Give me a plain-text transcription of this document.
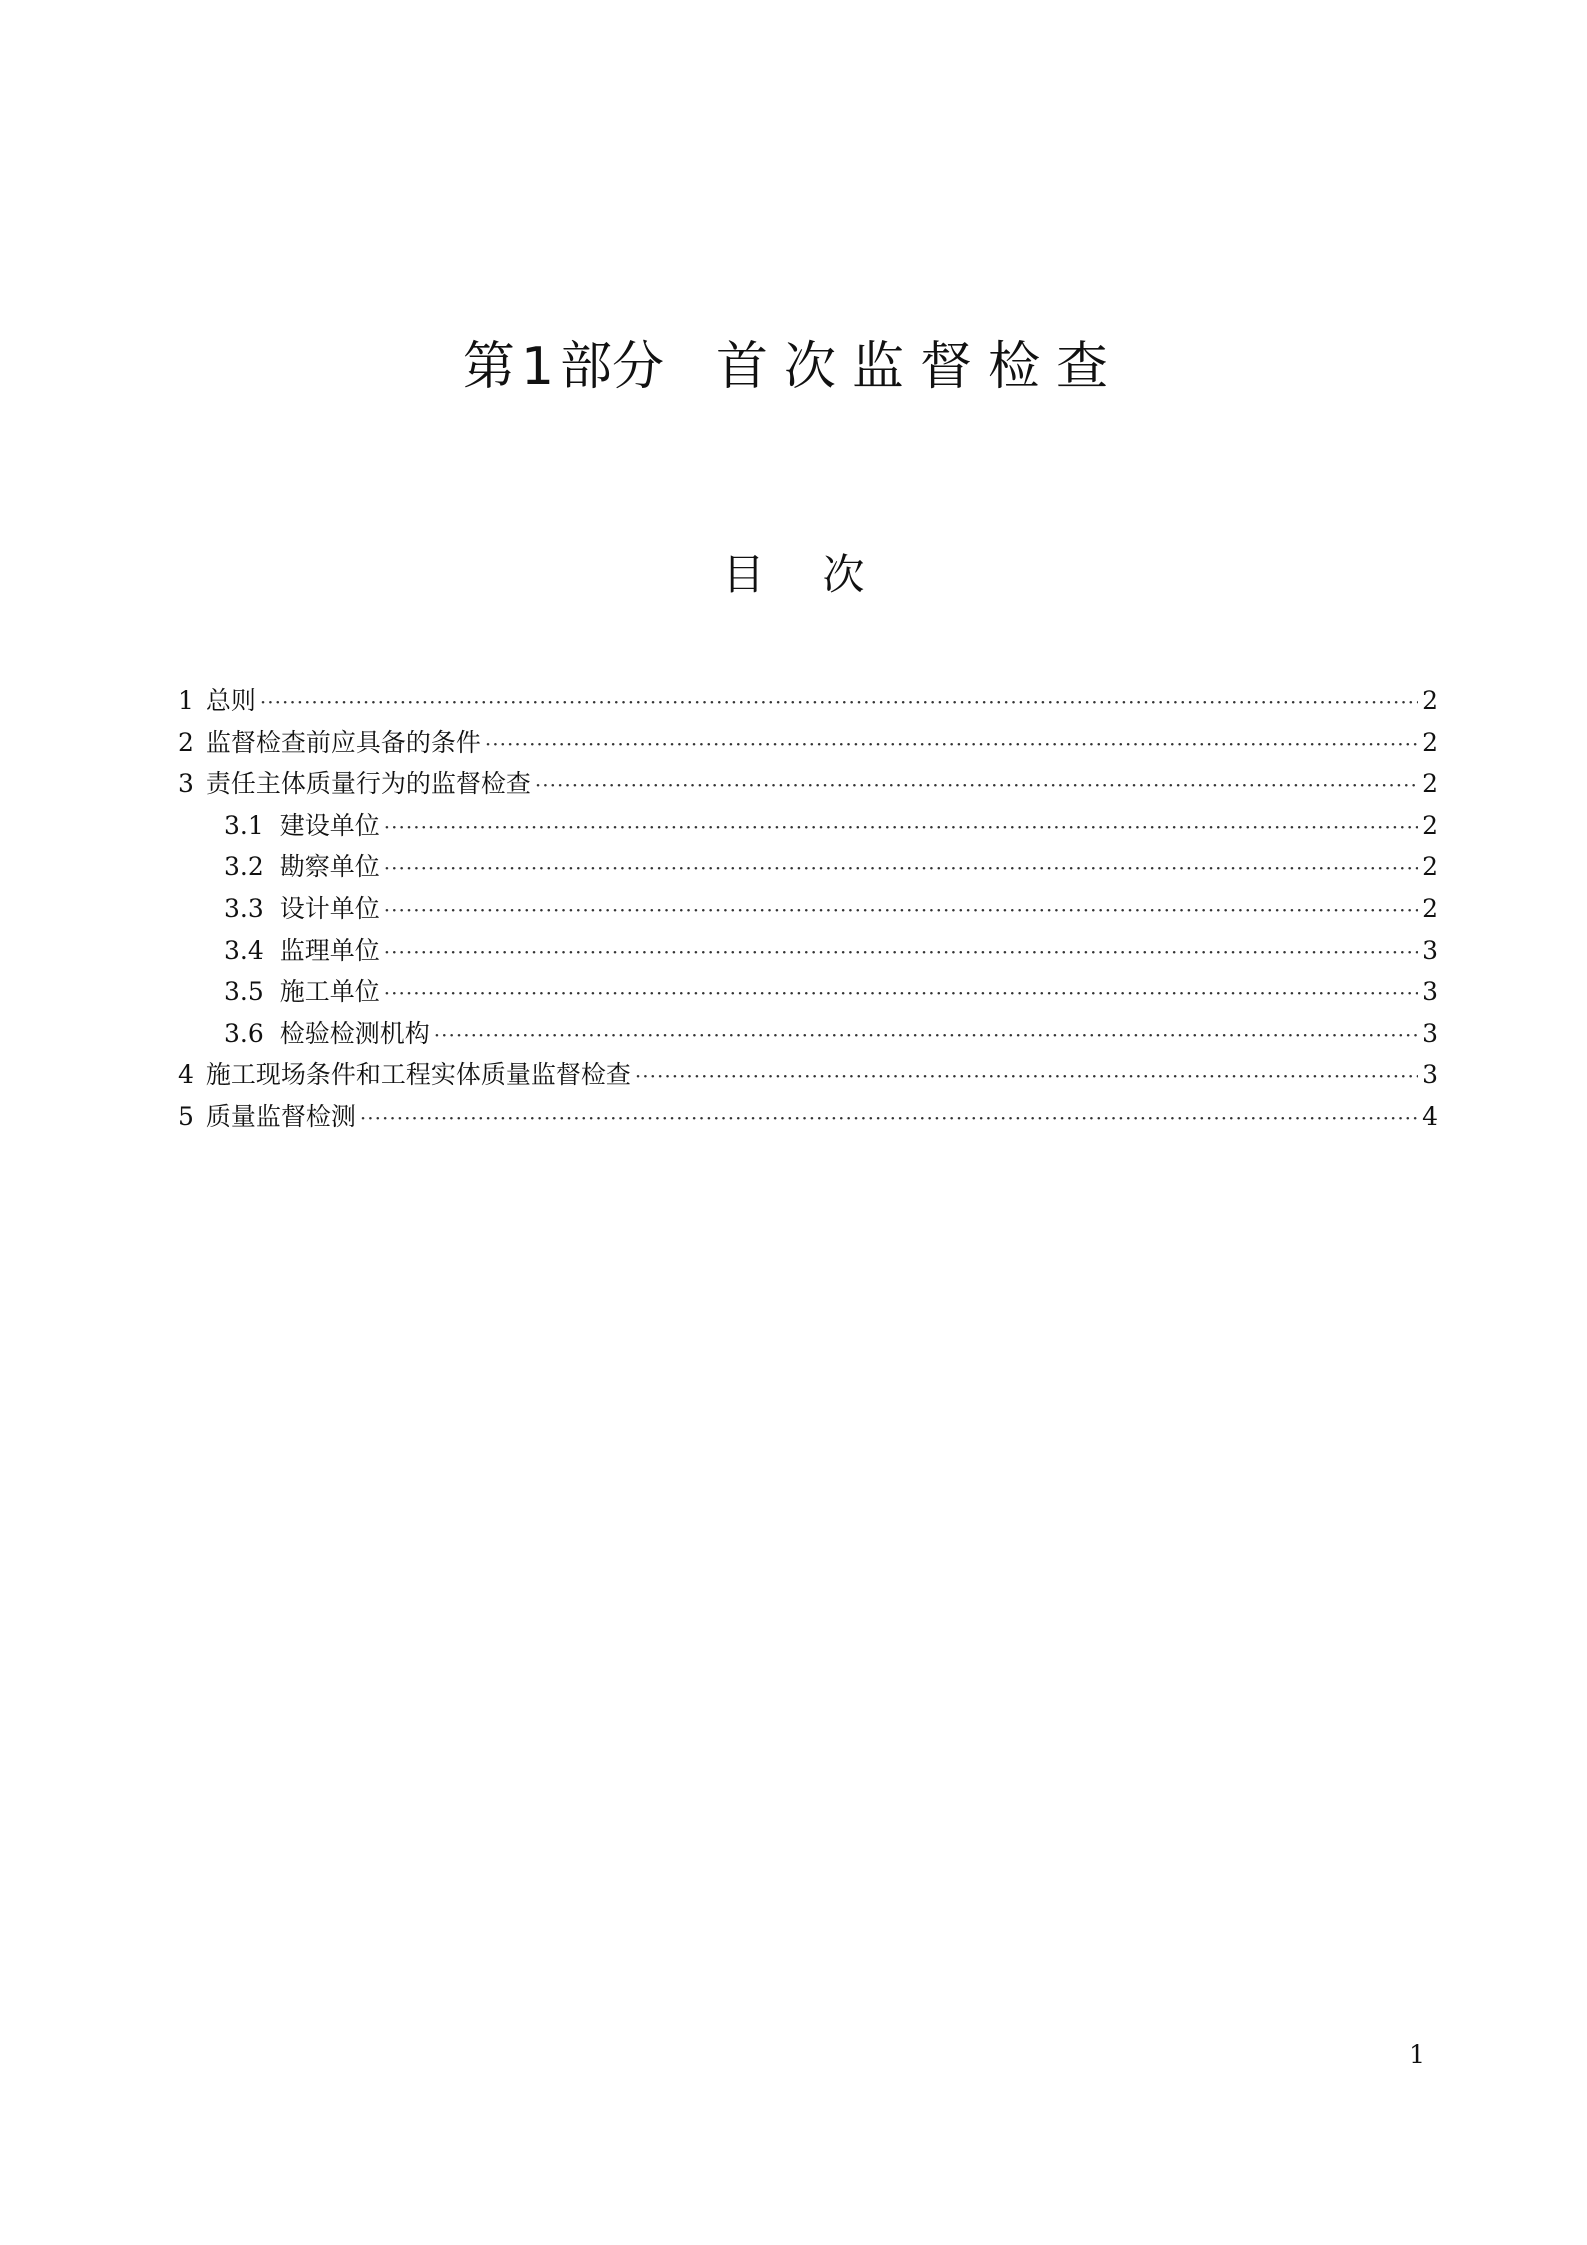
第 1 部分 首次监督检查
目次
1 总则 ·····	2
2 监督检查前应具备的条件 ·····	2
3 责任主体质量行为的监督检查 ·····	2
3.1 建设单位 ·····	2
3.2 勘察单位 ·····	2
3.3 设计单位 ·····	2
3.4 监理单位 ·····	3
3.5 施工单位 ·····	3
3.6 检验检测机构 ·····	3
4 施工现场条件和工程实体质量监督检查 ·····	3
5 质量监督检测 ·····	4
1
